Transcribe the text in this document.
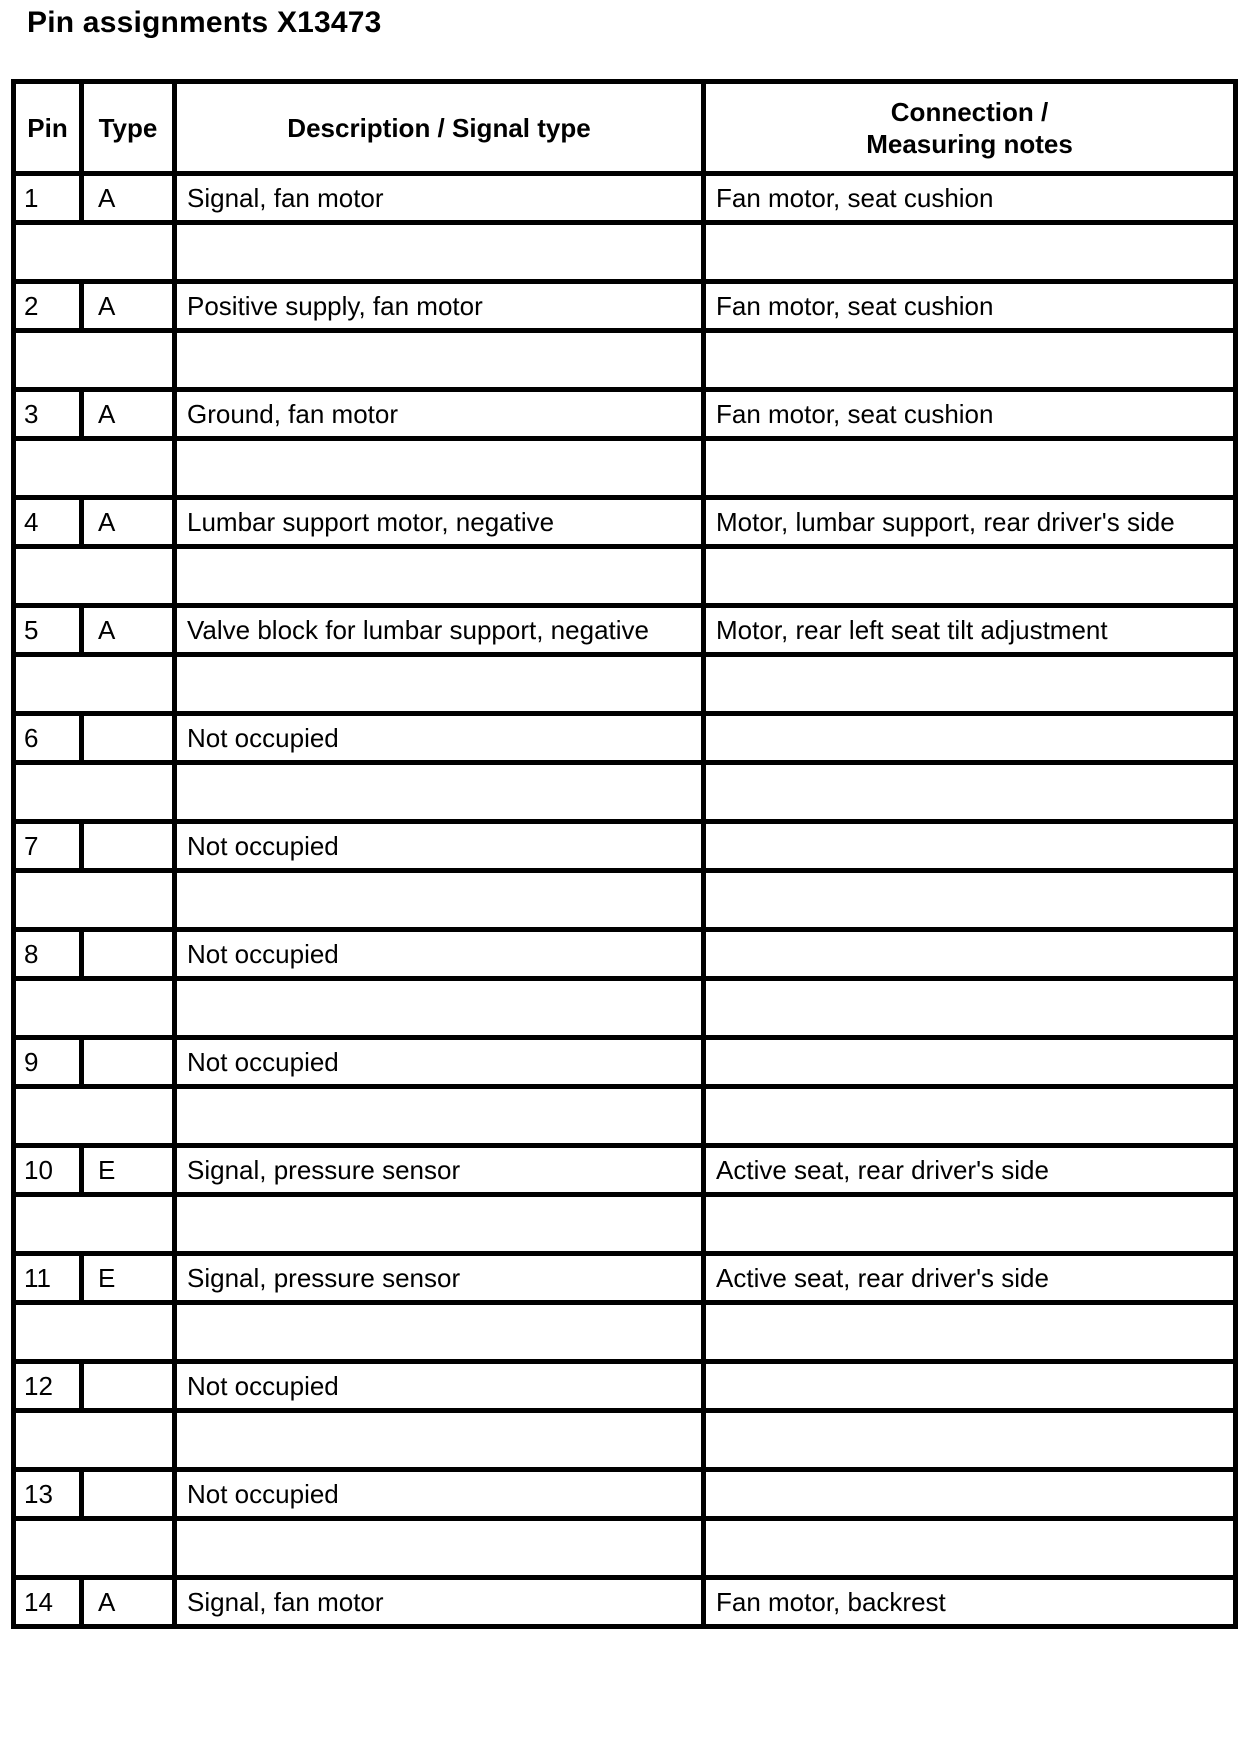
Pin assignments X13473
Pin	Type	Description / Signal type	Connection /
Measuring notes
1	A	Signal, fan motor	Fan motor, seat cushion

2	A	Positive supply, fan motor	Fan motor, seat cushion

3	A	Ground, fan motor	Fan motor, seat cushion

4	A	Lumbar support motor, negative	Motor, lumbar support, rear driver's side

5	A	Valve block for lumbar support, negative	Motor, rear left seat tilt adjustment

6		Not occupied	

7		Not occupied	

8		Not occupied	

9		Not occupied	

10	E	Signal, pressure sensor	Active seat, rear driver's side

11	E	Signal, pressure sensor	Active seat, rear driver's side

12		Not occupied	

13		Not occupied	

14	A	Signal, fan motor	Fan motor, backrest
